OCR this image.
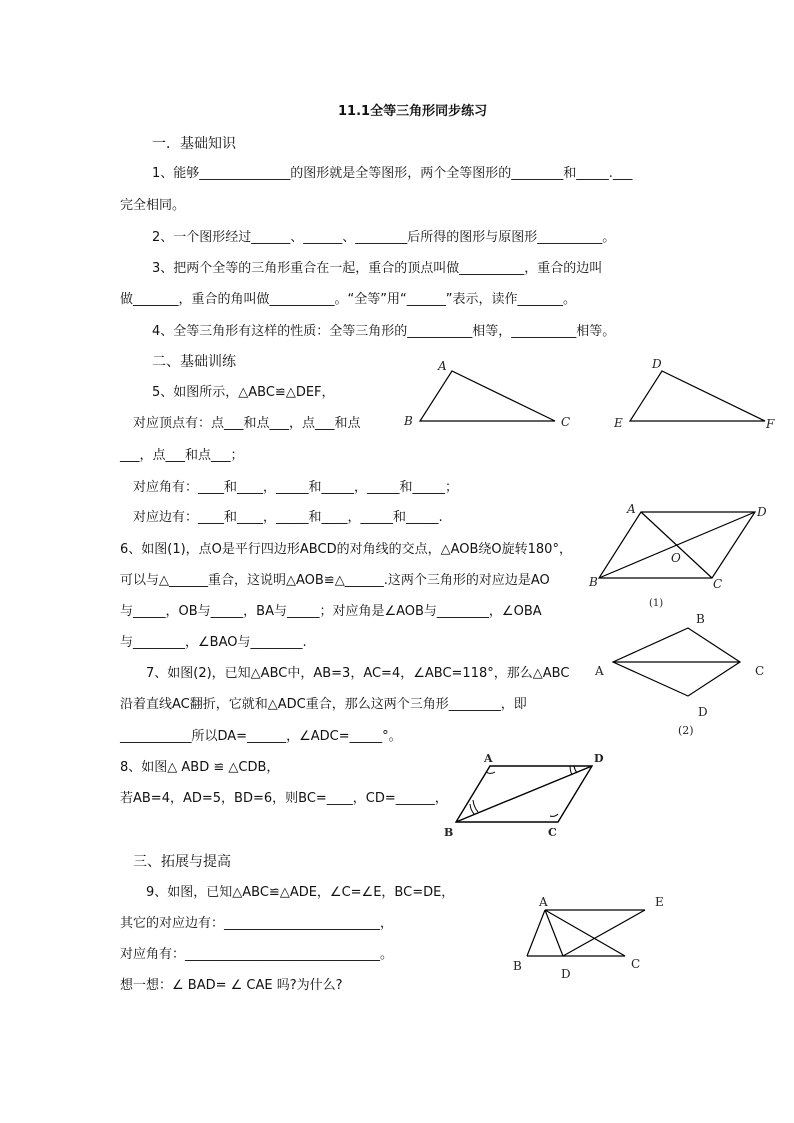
11.1全等三角形同步练习
一．基础知识
1、能够______________的图形就是全等图形，两个全等图形的________和_____.___
完全相同。
2、一个图形经过______、______、________后所得的图形与原图形__________。
3、把两个全等的三角形重合在一起，重合的顶点叫做__________，重合的边叫
做_______，重合的角叫做__________。“全等”用“______”表示，读作_______。
4、全等三角形有这样的性质：全等三角形的__________相等，__________相等。
二、基础训练
5、如图所示，△ABC≌△DEF，
对应顶点有：点___和点___，点___和点
___，点___和点___；
对应角有：____和____，_____和_____，_____和_____；
对应边有：____和____，_____和____，_____和_____.
6、如图(1)，点O是平行四边形ABCD的对角线的交点，△AOB绕O旋转180°，
可以与△______重合，这说明△AOB≌△______.这两个三角形的对应边是AO
与_____，OB与_____，BA与_____；对应角是∠AOB与________，∠OBA
与________，∠BAO与________.
7、如图(2)，已知△ABC中，AB=3，AC=4，∠ABC=118°，那么△ABC
沿着直线AC翻折，它就和△ADC重合，那么这两个三角形________，即
___________所以DA=______，∠ADC=_____°。
8、如图△ ABD ≌ △CDB，
若AB=4，AD=5，BD=6，则BC=____，CD=______，
三、拓展与提高
9、如图，已知△ABC≌△ADE，∠C=∠E，BC=DE，
其它的对应边有：________________________，
对应角有：______________________________。
想一想：∠ BAD= ∠ CAE 吗?为什么?
A
B	C
D
E	F
A	D
B	C
O
(1)
B
A	C
D
(2)
A	D
B	C
A	E
B
D
C
